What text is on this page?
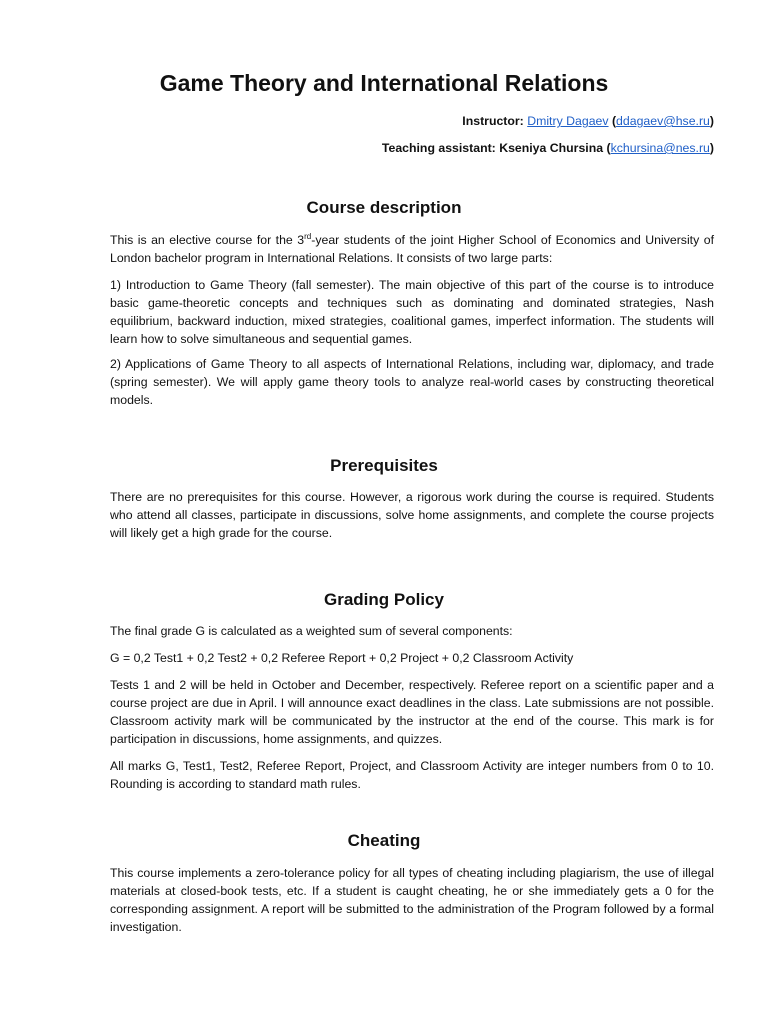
Game Theory and International Relations
Instructor: Dmitry Dagaev (ddagaev@hse.ru)
Teaching assistant: Kseniya Chursina (kchursina@nes.ru)
Course description

This is an elective course for the 3rd-year students of the joint Higher School of Economics and University of London bachelor program in International Relations. It consists of two large parts:

1) Introduction to Game Theory (fall semester). The main objective of this part of the course is to introduce basic game-theoretic concepts and techniques such as dominating and dominated strategies, Nash equilibrium, backward induction, mixed strategies, coalitional games, imperfect information. The students will learn how to solve simultaneous and sequential games.

2) Applications of Game Theory to all aspects of International Relations, including war, diplomacy, and trade (spring semester). We will apply game theory tools to analyze real-world cases by constructing theoretical models.

Prerequisites

There are no prerequisites for this course. However, a rigorous work during the course is required. Students who attend all classes, participate in discussions, solve home assignments, and complete the course projects will likely get a high grade for the course.

Grading Policy

The final grade G is calculated as a weighted sum of several components:

G = 0,2 Test1 + 0,2 Test2 + 0,2 Referee Report + 0,2 Project + 0,2 Classroom Activity

Tests 1 and 2 will be held in October and December, respectively. Referee report on a scientific paper and a course project are due in April. I will announce exact deadlines in the class. Late submissions are not possible. Classroom activity mark will be communicated by the instructor at the end of the course. This mark is for participation in discussions, home assignments, and quizzes.

All marks G, Test1, Test2, Referee Report, Project, and Classroom Activity are integer numbers from 0 to 10. Rounding is according to standard math rules.

Cheating

This course implements a zero-tolerance policy for all types of cheating including plagiarism, the use of illegal materials at closed-book tests, etc. If a student is caught cheating, he or she immediately gets a 0 for the corresponding assignment. A report will be submitted to the administration of the Program followed by a formal investigation.
